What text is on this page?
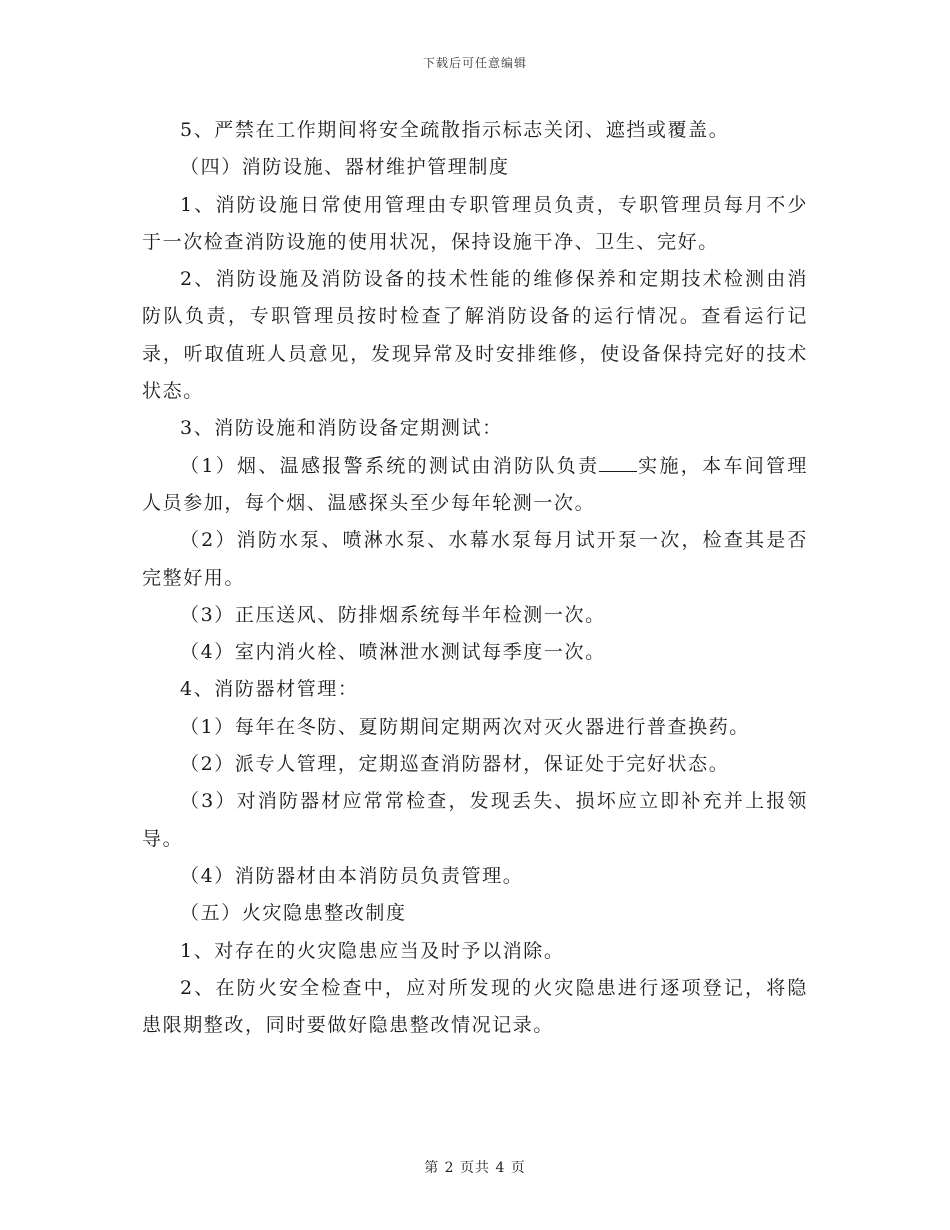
下载后可任意编辑

5、严禁在工作期间将安全疏散指示标志关闭、遮挡或覆盖。

（四）消防设施、器材维护管理制度

1、消防设施日常使用管理由专职管理员负责，专职管理员每月不少于一次检查消防设施的使用状况，保持设施干净、卫生、完好。

2、消防设施及消防设备的技术性能的维修保养和定期技术检测由消防队负责，专职管理员按时检查了解消防设备的运行情况。查看运行记录，听取值班人员意见，发现异常及时安排维修，使设备保持完好的技术状态。

3、消防设施和消防设备定期测试：

（1）烟、温感报警系统的测试由消防队负责 实施，本车间管理人员参加，每个烟、温感探头至少每年轮测一次。

（2）消防水泵、喷淋水泵、水幕水泵每月试开泵一次，检查其是否完整好用。

（3）正压送风、防排烟系统每半年检测一次。

（4）室内消火栓、喷淋泄水测试每季度一次。

4、消防器材管理：

（1）每年在冬防、夏防期间定期两次对灭火器进行普查换药。

（2）派专人管理，定期巡查消防器材，保证处于完好状态。

（3）对消防器材应常常检查，发现丢失、损坏应立即补充并上报领导。

（4）消防器材由本消防员负责管理。

（五）火灾隐患整改制度

1、对存在的火灾隐患应当及时予以消除。

2、在防火安全检查中，应对所发现的火灾隐患进行逐项登记，将隐患限期整改，同时要做好隐患整改情况记录。

第 2 页共 4 页
